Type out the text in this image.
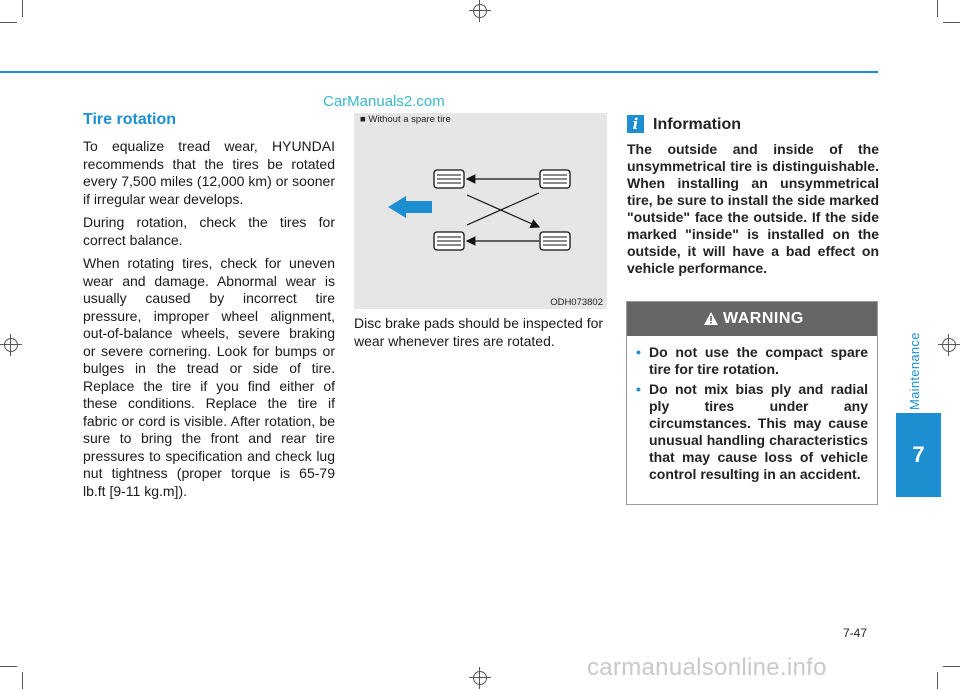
CarManuals2.com
Tire rotation

To equalize tread wear, HYUNDAI recommends that the tires be rotated every 7,500 miles (12,000 km) or sooner if irregular wear develops.

During rotation, check the tires for correct balance.

When rotating tires, check for uneven wear and damage. Abnormal wear is usually caused by incorrect tire pressure, improper wheel alignment, out-of-balance wheels, severe braking or severe cornering. Look for bumps or bulges in the tread or side of tire. Replace the tire if you find either of these conditions. Replace the tire if fabric or cord is visible. After rotation, be sure to bring the front and rear tire pressures to specification and check lug nut tightness (proper torque is 65-79 lb.ft [9-11 kg.m]).

■ Without a spare tire
ODH073802
Disc brake pads should be inspected for wear whenever tires are rotated.
i Information

The outside and inside of the unsymmetrical tire is distinguishable. When installing an unsymmetrical tire, be sure to install the side marked "outside" face the outside. If the side marked "inside" is installed on the outside, it will have a bad effect on vehicle performance.

WARNING
• Do not use the compact spare tire for tire rotation.
• Do not mix bias ply and radial ply tires under any circumstances. This may cause unusual handling characteristics that may cause loss of vehicle control resulting in an accident.
Maintenance
7
7-47
carmanualsonline.info
